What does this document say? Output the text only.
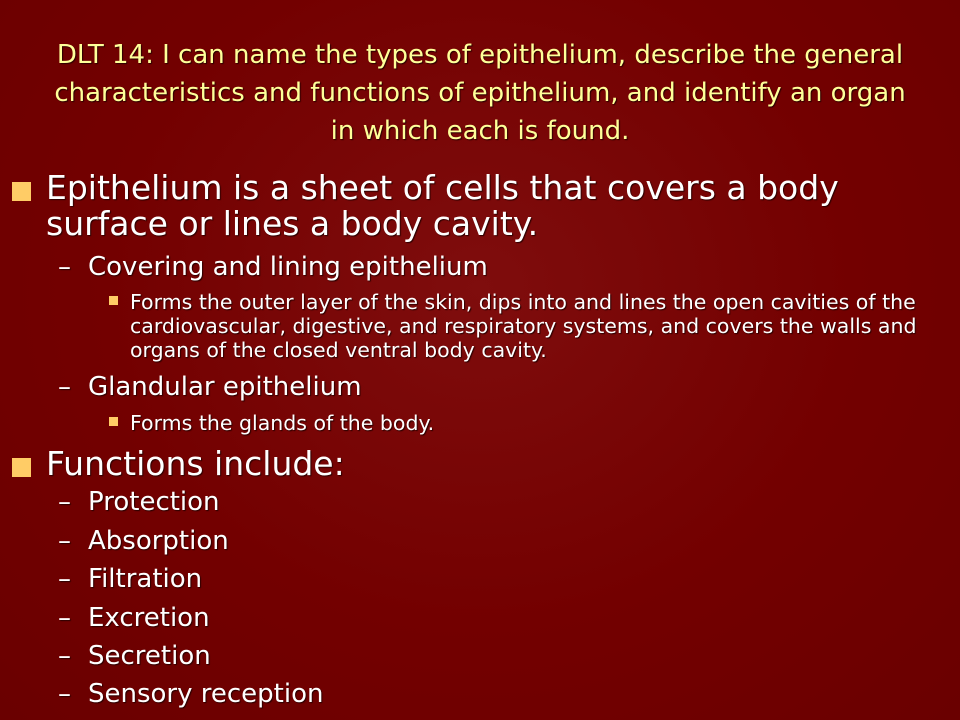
DLT 14: I can name the types of epithelium, describe the general characteristics and functions of epithelium, and identify an organ in which each is found.
Epithelium is a sheet of cells that covers a body surface or lines a body cavity.
– Covering and lining epithelium
Forms the outer layer of the skin, dips into and lines the open cavities of the cardiovascular, digestive, and respiratory systems, and covers the walls and organs of the closed ventral body cavity.
– Glandular epithelium
Forms the glands of the body.
Functions include:
– Protection
– Absorption
– Filtration
– Excretion
– Secretion
– Sensory reception
